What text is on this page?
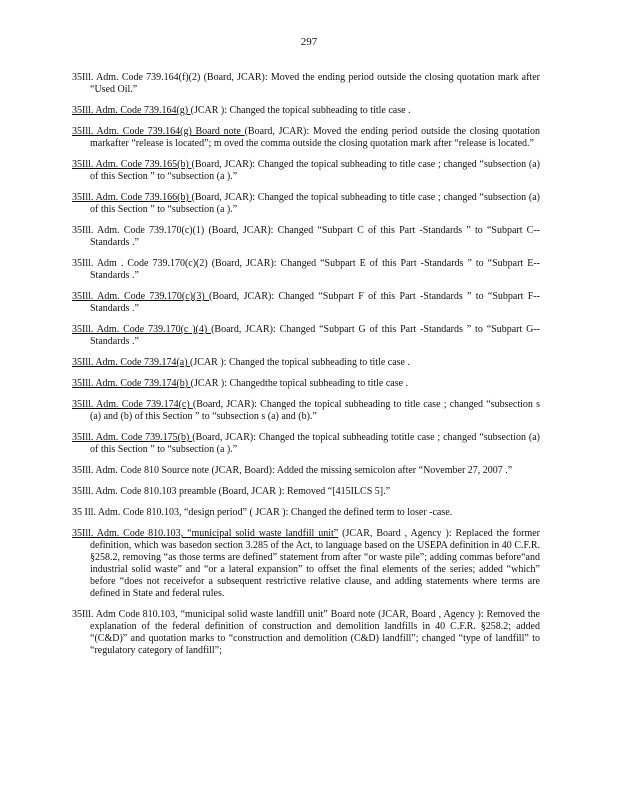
297

35Ill. Adm. Code 739.164(f)(2) (Board, JCAR): Moved the ending period outside the closing quotation mark after “Used Oil.”

35Ill. Adm. Code 739.164(g) (JCAR ): Changed the topical subheading to title case .

35Ill. Adm. Code 739.164(g) Board note (Board, JCAR): Moved the ending period outside the closing quotation markafter “release is located”; m oved the comma outside the closing quotation mark after “release is located.”

35Ill. Adm. Code 739.165(b) (Board, JCAR): Changed the topical subheading to title case ; changed “subsection (a) of this Section ” to “subsection (a ).”

35Ill. Adm. Code 739.166(b) (Board, JCAR): Changed the topical subheading to title case ; changed “subsection (a) of this Section ” to “subsection (a ).”

35Ill. Adm. Code 739.170(c)(1) (Board, JCAR): Changed “Subpart C of this Part -Standards ” to “Subpart C--Standards .”

35Ill. Adm . Code 739.170(c)(2) (Board, JCAR): Changed “Subpart E of this Part -Standards ” to “Subpart E--Standards .”

35Ill. Adm. Code 739.170(c)(3) (Board, JCAR): Changed “Subpart F of this Part -Standards ” to “Subpart F--Standards .”

35Ill. Adm. Code 739.170(c )(4) (Board, JCAR): Changed “Subpart G of this Part -Standards ” to “Subpart G--Standards .”

35Ill. Adm. Code 739.174(a) (JCAR ): Changed the topical subheading to title case .

35Ill. Adm. Code 739.174(b) (JCAR ): Changedthe topical subheading to title case .

35Ill. Adm. Code 739.174(c) (Board, JCAR): Changed the topical subheading to title case ; changed “subsection s (a) and (b) of this Section ” to “subsection s (a) and (b).”

35Ill. Adm. Code 739.175(b) (Board, JCAR): Changed the topical subheading totitle case ; changed “subsection (a) of this Section ” to “subsection (a ).”

35Ill. Adm. Code 810 Source note (JCAR, Board): Added the missing semicolon after “November 27, 2007 .”

35Ill. Adm. Code 810.103 preamble (Board, JCAR ): Removed “[415ILCS 5].”

35 Ill. Adm. Code 810.103, “design period” ( JCAR ): Changed the defined term to loser -case.

35Ill. Adm. Code 810.103, “municipal solid waste landfill unit” (JCAR, Board , Agency ): Replaced the former definition, which was basedon section 3.285 of the Act, to language based on the USEPA definition in 40 C.F.R. §258.2, removing “as those terms are defined” statement from after “or waste pile”; adding commas before“and industrial solid waste” and “or a lateral expansion” to offset the final elements of the series; added “which” before “does not receivefor a subsequent restrictive relative clause, and adding statements where terms are defined in State and federal rules.

35Ill. Adm Code 810.103, “municipal solid waste landfill unit” Board note (JCAR, Board , Agency ): Removed the explanation of the federal definition of construction and demolition landfills in 40 C.F.R. §258.2; added “(C&D)” and quotation marks to “construction and demolition (C&D) landfill”; changed “type of landfill” to “regulatory category of landfill”;
